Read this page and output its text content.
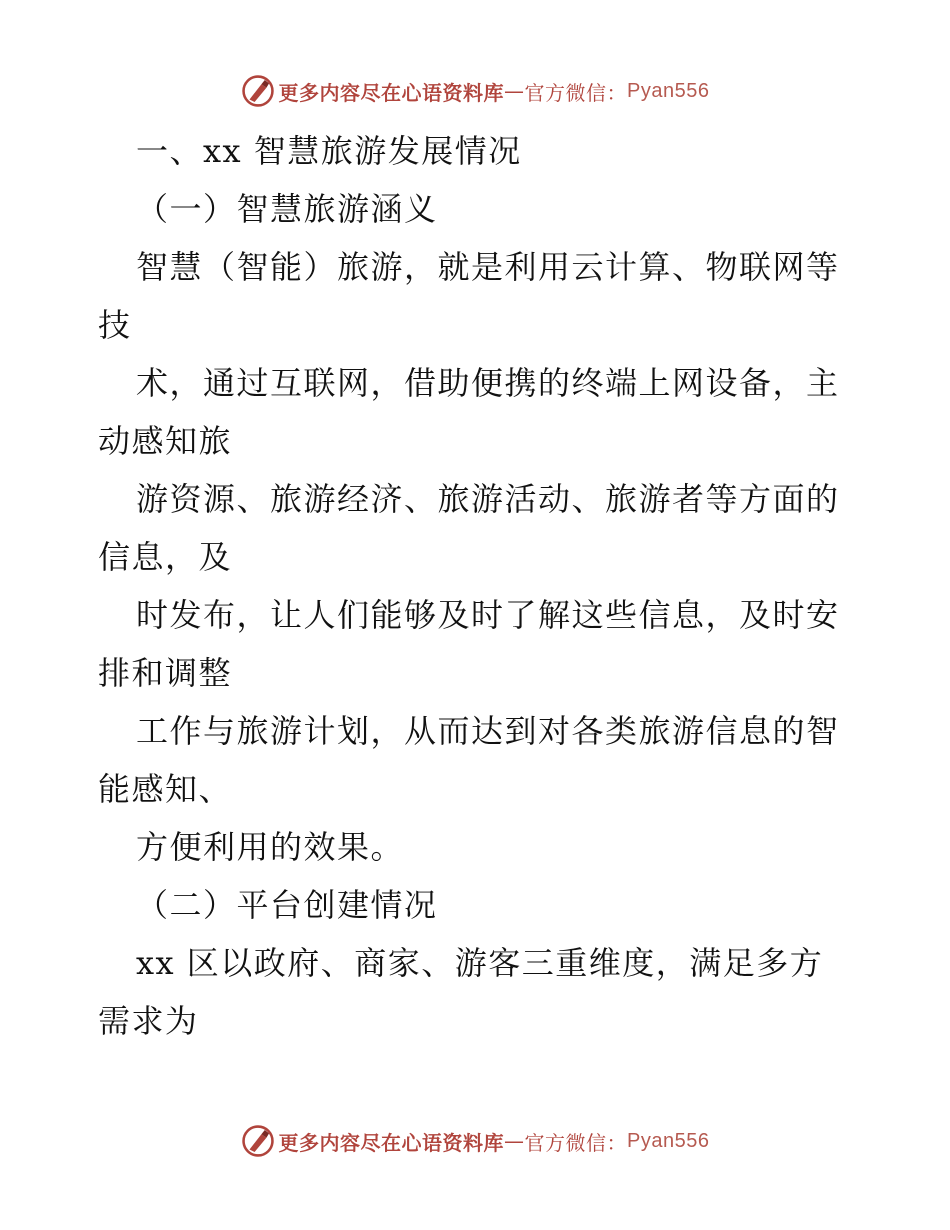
更多内容尽在心语资料库 — 官方微信： Pyan556
一、xx 智慧旅游发展情况
（一）智慧旅游涵义
智慧（智能）旅游，就是利用云计算、物联网等
技
术，通过互联网，借助便携的终端上网设备，主
动感知旅
游资源、旅游经济、旅游活动、旅游者等方面的
信息，及
时发布，让人们能够及时了解这些信息，及时安
排和调整
工作与旅游计划，从而达到对各类旅游信息的智
能感知、
方便利用的效果。
（二）平台创建情况
xx 区以政府、商家、游客三重维度，满足多方
需求为
更多内容尽在心语资料库 — 官方微信： Pyan556
